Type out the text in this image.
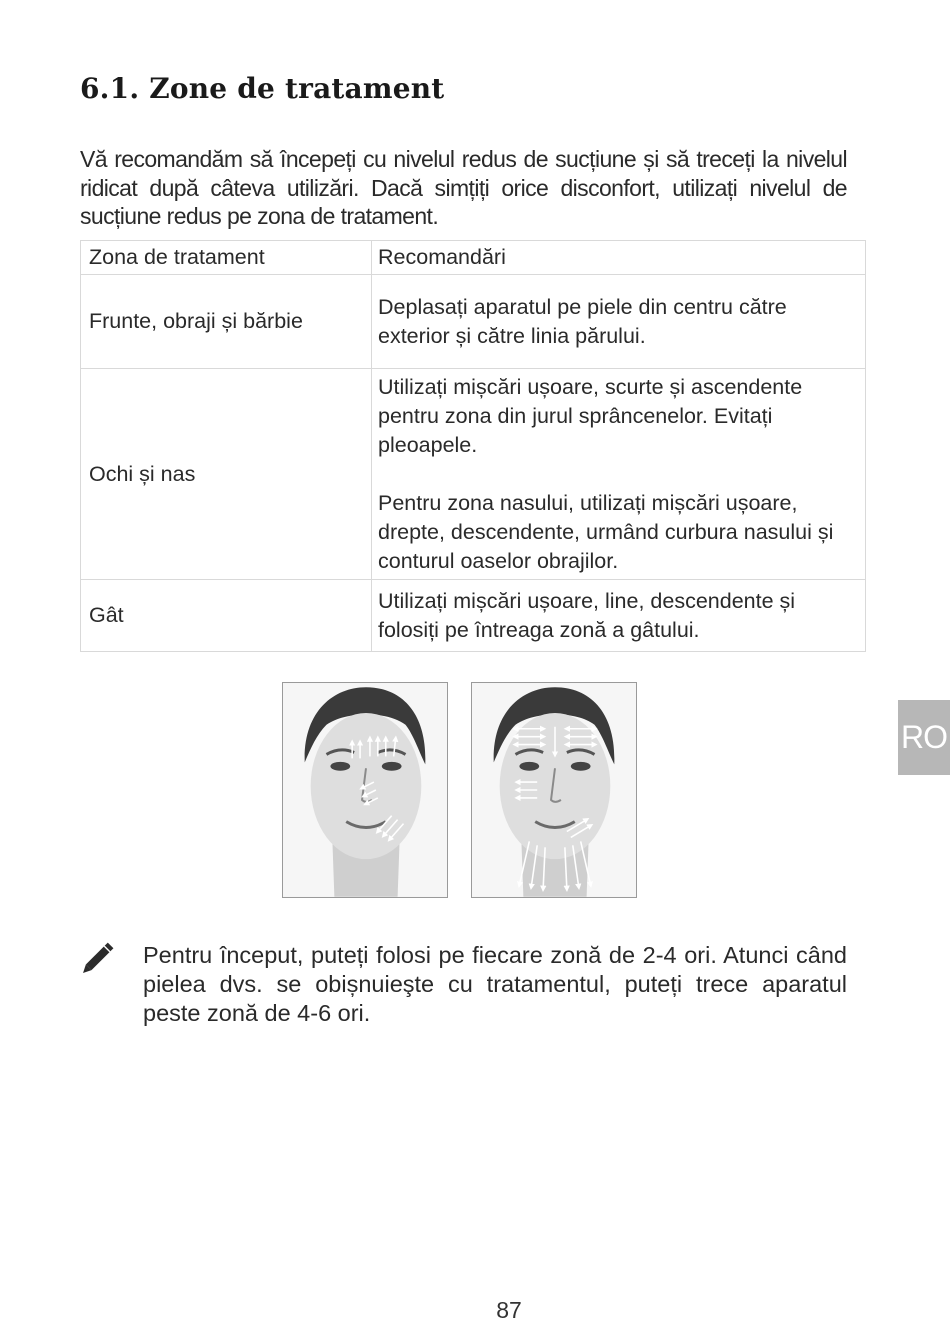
6.1. Zone de tratament
Vă recomandăm să începeți cu nivelul redus de sucțiune și să treceți la nivelul ridicat după câteva utilizări. Dacă simțiți orice disconfort, utilizați nivelul de sucțiune redus pe zona de tratament.
Zona de tratament	Recomandări
Frunte, obraji și bărbie	Deplasați aparatul pe piele din centru către exterior și către linia părului.

Ochi și nas	Utilizați mișcări ușoare, scurte și ascendente pentru zona din jurul sprâncenelor. Evitați pleoapele.
Pentru zona nasului, utilizați mișcări ușoare, drepte, descendente, urmând curbura nasului și conturul oaselor obrajilor.

Gât	Utilizați mișcări ușoare, line, descendente și folosiți pe întreaga zonă a gâtului.
RO
Pentru început, puteți folosi pe fiecare zonă de 2-4 ori. Atunci când pielea dvs. se obișnuieşte cu tratamentul, puteți trece aparatul peste zonă de 4-6 ori.
87
